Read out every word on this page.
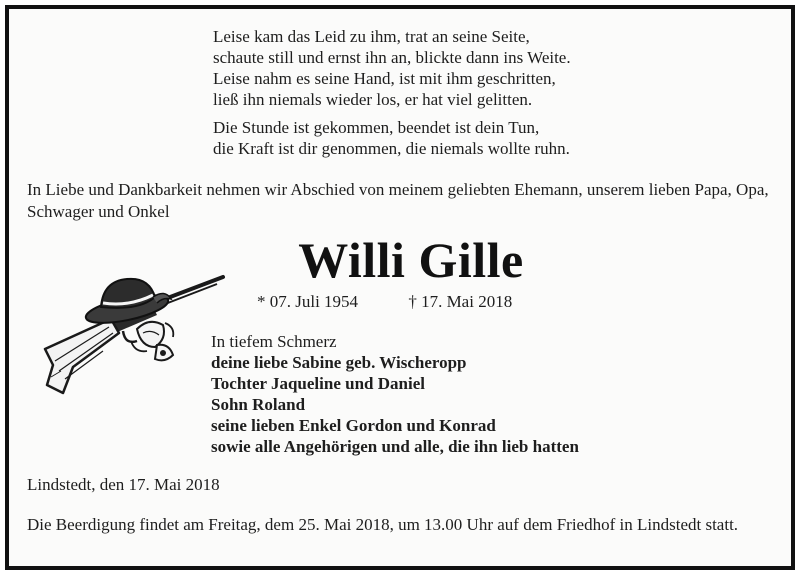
Leise kam das Leid zu ihm, trat an seine Seite,
schaute still und ernst ihn an, blickte dann ins Weite.
Leise nahm es seine Hand, ist mit ihm geschritten,
ließ ihn niemals wieder los, er hat viel gelitten.
Die Stunde ist gekommen, beendet ist dein Tun,
die Kraft ist dir genommen, die niemals wollte ruhn.
In Liebe und Dankbarkeit nehmen wir Abschied von meinem geliebten Ehemann, unserem lieben Papa, Opa, Schwager und Onkel
Willi Gille
* 07. Juli 1954	† 17. Mai 2018
In tiefem Schmerz
deine liebe Sabine geb. Wischeropp
Tochter Jaqueline und Daniel
Sohn Roland
seine lieben Enkel Gordon und Konrad
sowie alle Angehörigen und alle, die ihn lieb hatten
Lindstedt, den 17. Mai 2018
Die Beerdigung findet am Freitag, dem 25. Mai 2018, um 13.00 Uhr auf dem Friedhof in Lindstedt statt.
